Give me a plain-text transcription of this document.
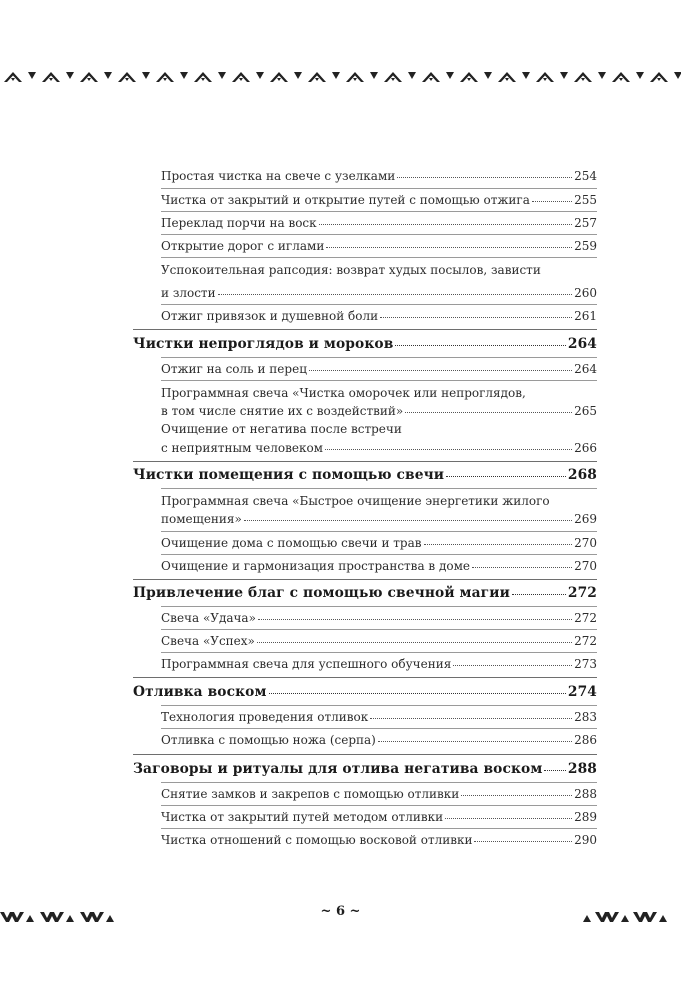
Простая чистка на свече с узелками	254
Чистка от закрытий и открытие путей с помощью отжига	255
Переклад порчи на воск	257
Открытие дорог с иглами	259
Успокоительная рапсодия: возврат худых посылов, зависти
и злости	260
Отжиг привязок и душевной боли	261
Чистки непроглядов и мороков	264
Отжиг на соль и перец	264
Программная свеча «Чистка оморочек или непроглядов,
в том числе снятие их с воздействий»	265
Очищение от негатива после встречи
с неприятным человеком	266
Чистки помещения с помощью свечи	268
Программная свеча «Быстрое очищение энергетики жилого
помещения»	269
Очищение дома с помощью свечи и трав	270
Очищение и гармонизация пространства в доме	270
Привлечение благ с помощью свечной магии	272
Свеча «Удача»	272
Свеча «Успех»	272
Программная свеча для успешного обучения	273
Отливка воском	274
Технология проведения отливок	283
Отливка с помощью ножа (серпа)	286
Заговоры и ритуалы для отлива негатива воском 288
Снятие замков и закрепов с помощью отливки	288
Чистка от закрытий путей методом отливки	289
Чистка отношений с помощью восковой отливки	290
~ 6 ~
